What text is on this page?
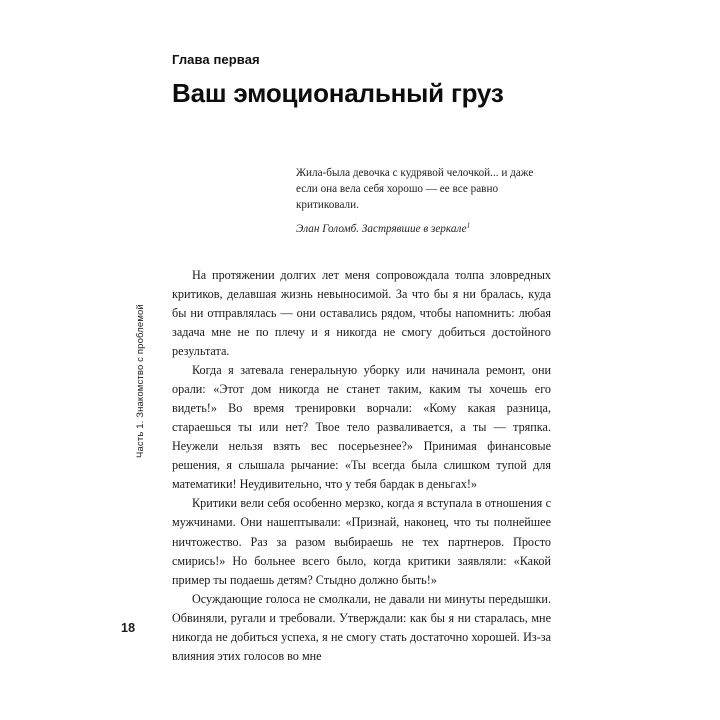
Часть 1. Знакомство с проблемой
18
Глава первая
Ваш эмоциональный груз

Жила-была девочка с кудрявой челочкой... и даже если она вела себя хорошо — ее все равно критиковали.

Элан Голомб. Застрявшие в зеркале$^1$

На протяжении долгих лет меня сопровождала толпа зловредных критиков, делавшая жизнь невыносимой. За что бы я ни бралась, куда бы ни отправлялась — они оставались рядом, чтобы напомнить: любая задача мне не по плечу и я никогда не смогу добиться достойного результата.

Когда я затевала генеральную уборку или начинала ремонт, они орали: «Этот дом никогда не станет таким, каким ты хочешь его видеть!» Во время тренировки ворчали: «Кому какая разница, стараешься ты или нет? Твое тело разваливается, а ты — тряпка. Неужели нельзя взять вес посерьезнее?» Принимая финансовые решения, я слышала рычание: «Ты всегда была слишком тупой для математики! Неудивительно, что у тебя бардак в деньгах!»

Критики вели себя особенно мерзко, когда я вступала в отношения с мужчинами. Они нашептывали: «Признай, наконец, что ты полнейшее ничтожество. Раз за разом выбираешь не тех партнеров. Просто смирись!» Но больнее всего было, когда критики заявляли: «Какой пример ты подаешь детям? Стыдно должно быть!»

Осуждающие голоса не смолкали, не давали ни минуты передышки. Обвиняли, ругали и требовали. Утверждали: как бы я ни старалась, мне никогда не добиться успеха, я не смогу стать достаточно хорошей. Из-за влияния этих голосов во мне
